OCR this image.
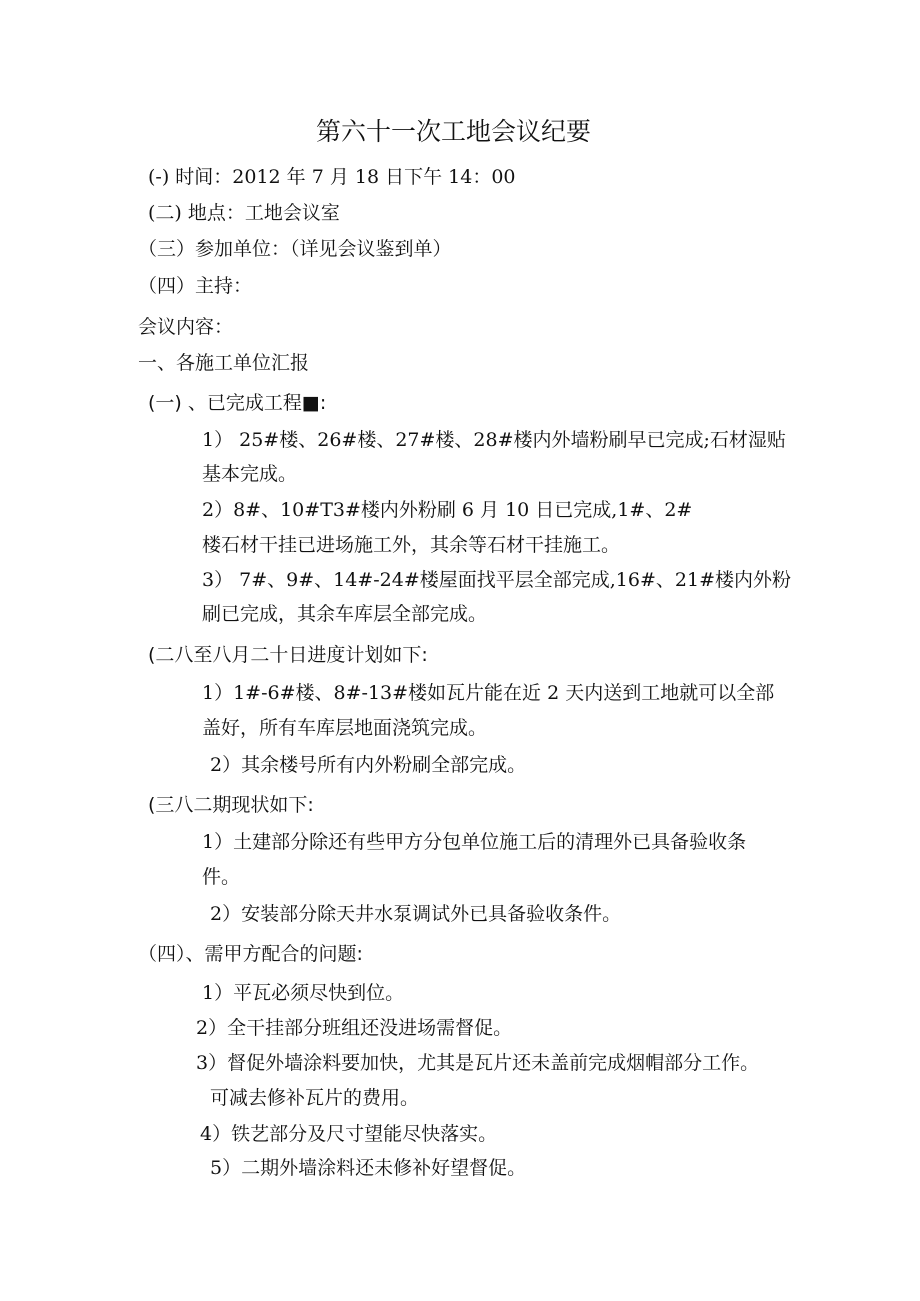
第六十一次工地会议纪要
(-) 时间：2012 年 7 月 18 日下午 14：00
(二) 地点：工地会议室
（三）参加单位：（详见会议鉴到单）
（四）主持：
会议内容：
一、各施工单位汇报
(一) 、已完成工程■:
1） 25#楼、26#楼、27#楼、28#楼内外墙粉刷早已完成;石材湿贴
基本完成。
2）8#、10#T3#楼内外粉刷 6 月 10 日已完成,1#、2#
楼石材干挂已进场施工外，其余等石材干挂施工。
3） 7#、9#、14#-24#楼屋面找平层全部完成,16#、21#楼内外粉
刷已完成，其余车库层全部完成。
(二八至八月二十日进度计划如下:
1）1#-6#楼、8#-13#楼如瓦片能在近 2 天内送到工地就可以全部
盖好，所有车库层地面浇筑完成。
2）其余楼号所有内外粉刷全部完成。
(三八二期现状如下:
1）土建部分除还有些甲方分包单位施工后的清理外已具备验收条
件。
2）安装部分除天井水泵调试外已具备验收条件。
（四）、需甲方配合的问题:
1）平瓦必须尽快到位。
2）全干挂部分班组还没进场需督促。
3）督促外墙涂料要加快，尤其是瓦片还未盖前完成烟帽部分工作。
可减去修补瓦片的费用。
4）铁艺部分及尺寸望能尽快落实。
5）二期外墙涂料还未修补好望督促。
